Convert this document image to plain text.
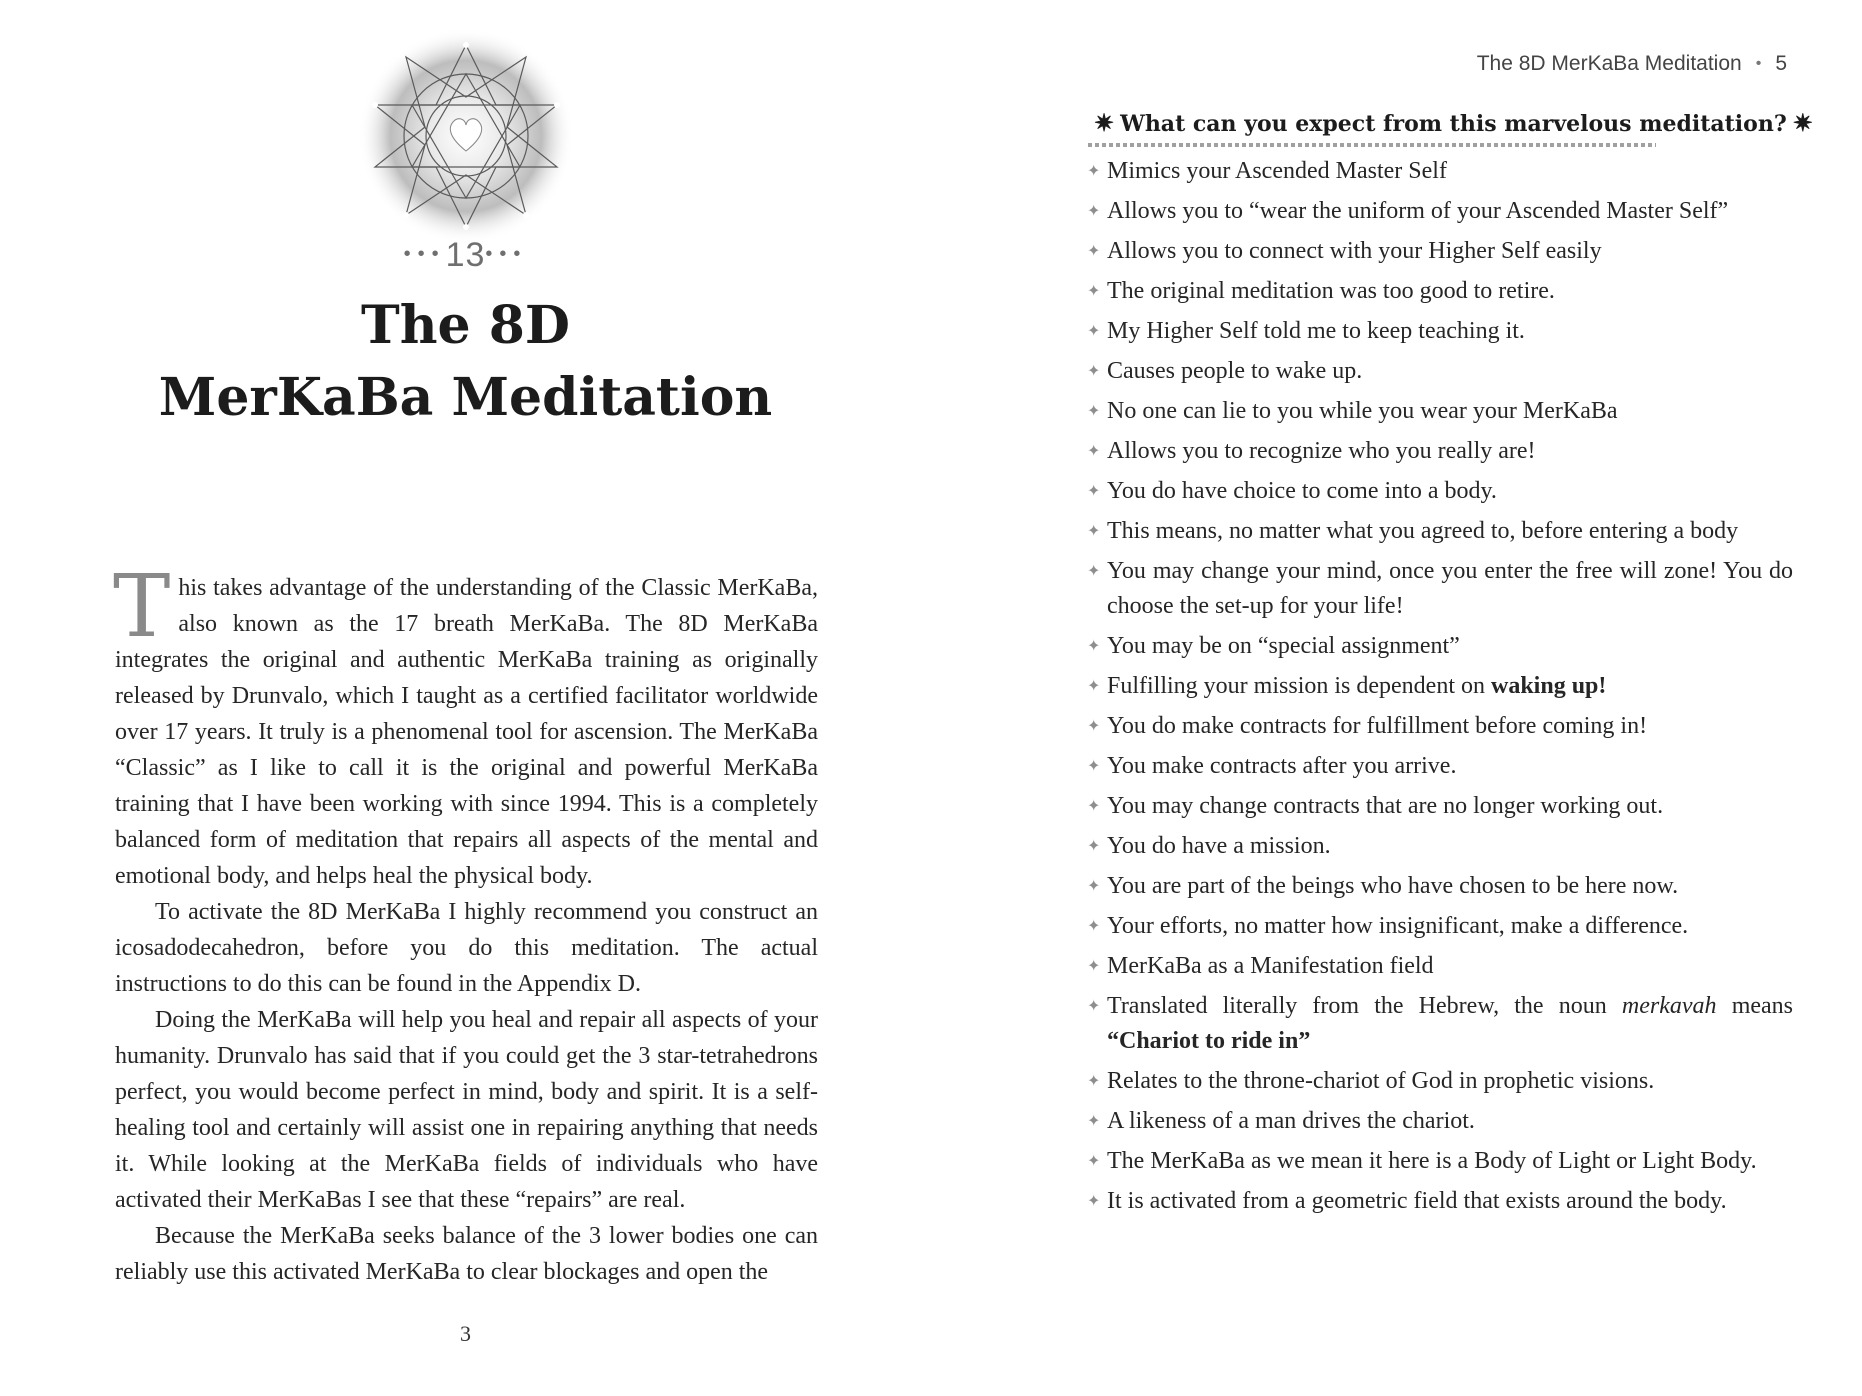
•••13•••
The 8D
MerKaBa Meditation

This takes advantage of the understanding of the Classic MerKaBa, also known as the 17 breath MerKaBa. The 8D MerKaBa integrates the original and authentic MerKaBa training as originally released by Drunvalo, which I taught as a certified facilitator worldwide over 17 years. It truly is a phenomenal tool for ascension. The MerKaBa “Classic” as I like to call it is the original and powerful MerKaBa training that I have been working with since 1994. This is a completely balanced form of meditation that repairs all aspects of the mental and emotional body, and helps heal the physical body.

To activate the 8D MerKaBa I highly recommend you construct an icosadodecahedron, before you do this meditation. The actual instructions to do this can be found in the Appendix D.

Doing the MerKaBa will help you heal and repair all aspects of your humanity. Drunvalo has said that if you could get the 3 star-tetrahedrons perfect, you would become perfect in mind, body and spirit. It is a self-healing tool and certainly will assist one in repairing anything that needs it. While looking at the MerKaBa fields of individuals who have activated their MerKaBas I see that these “repairs” are real.

Because the MerKaBa seeks balance of the 3 lower bodies one can reliably use this activated MerKaBa to clear blockages and open the

3
The 8D MerKaBa Meditation • 5
✷ What can you expect from this marvelous meditation? ✷
✦ Mimics your Ascended Master Self
✦ Allows you to “wear the uniform of your Ascended Master Self”
✦ Allows you to connect with your Higher Self easily
✦ The original meditation was too good to retire.
✦ My Higher Self told me to keep teaching it.
✦ Causes people to wake up.
✦ No one can lie to you while you wear your MerKaBa
✦ Allows you to recognize who you really are!
✦ You do have choice to come into a body.
✦ This means, no matter what you agreed to, before entering a body
✦ You may change your mind, once you enter the free will zone! You do choose the set-up for your life!
✦ You may be on “special assignment”
✦ Fulfilling your mission is dependent on waking up!
✦ You do make contracts for fulfillment before coming in!
✦ You make contracts after you arrive.
✦ You may change contracts that are no longer working out.
✦ You do have a mission.
✦ You are part of the beings who have chosen to be here now.
✦ Your efforts, no matter how insignificant, make a difference.
✦ MerKaBa as a Manifestation field
✦ Translated literally from the Hebrew, the noun merkavah means “Chariot to ride in”
✦ Relates to the throne-chariot of God in prophetic visions.
✦ A likeness of a man drives the chariot.
✦ The MerKaBa as we mean it here is a Body of Light or Light Body.
✦ It is activated from a geometric field that exists around the body.
